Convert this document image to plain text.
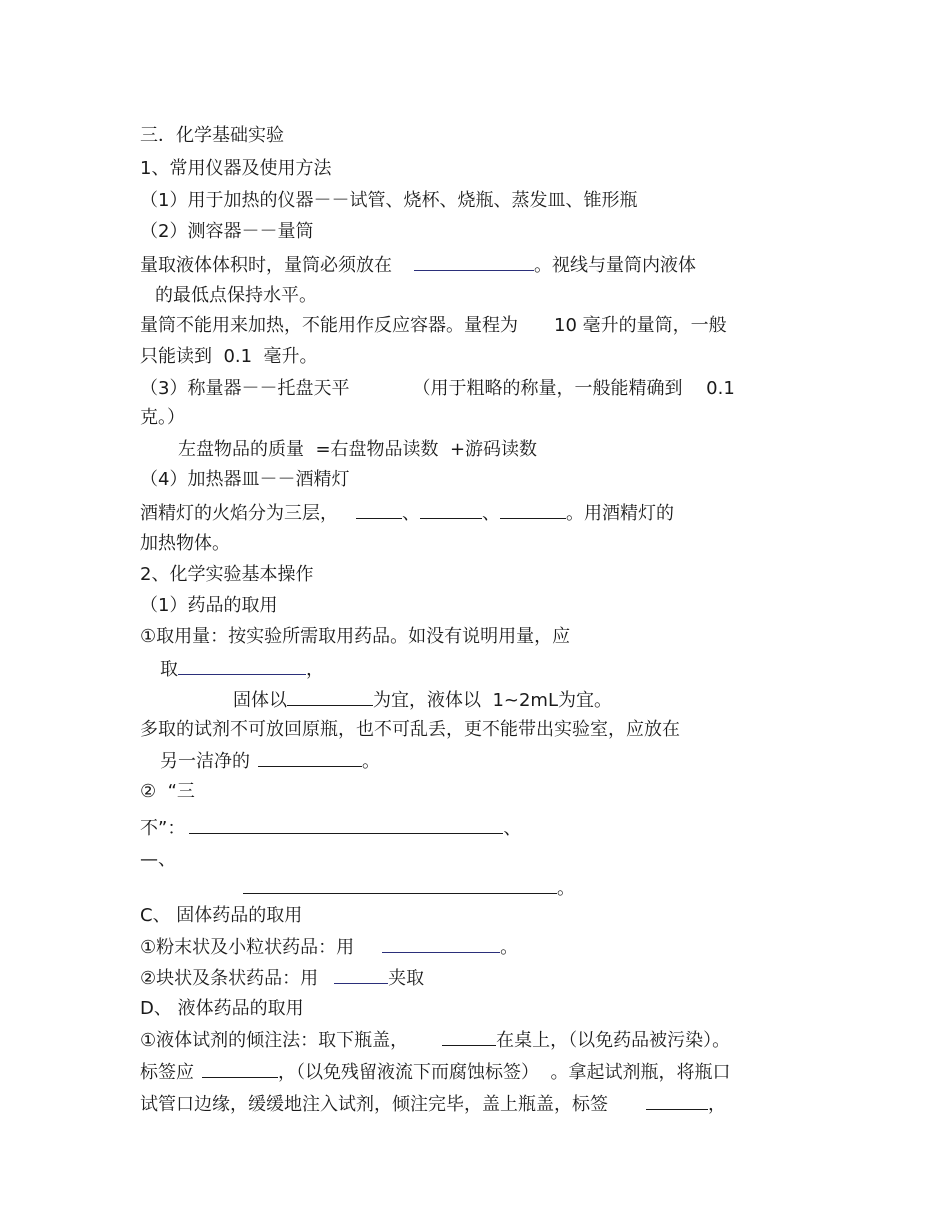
三．化学基础实验
1、常用仪器及使用方法
（1）用于加热的仪器－－试管、烧杯、烧瓶、蒸发皿、锥形瓶
（2）测容器－－量筒
量取液体体积时，量筒必须放在	。视线与量筒内液体
的最低点保持水平。
量筒不能用来加热，不能用作反应容器。量程为　　10 毫升的量筒，一般
只能读到  0.1  毫升。
（3）称量器－－托盘天平　　　　（用于粗略的称量，一般能精确到　 0.1
克。）
左盘物品的质量  =右盘物品读数  +游码读数
（4）加热器皿－－酒精灯
酒精灯的火焰分为三层，	、	、	。用酒精灯的
加热物体。
2、化学实验基本操作
（1）药品的取用
①取用量：按实验所需取用药品。如没有说明用量，应
取	，
固体以	为宜，液体以  1~2mL为宜。
多取的试剂不可放回原瓶，也不可乱丢，更不能带出实验室，应放在
另一洁净的	。
②  “三
不”：	、
—、
。
C、 固体药品的取用
①粉末状及小粒状药品：用	。
②块状及条状药品：用	夹取
D、 液体药品的取用
①液体试剂的倾注法：取下瓶盖，	在桌上，（以免药品被污染）。
标签应	，（以免残留液流下而腐蚀标签）  。拿起试剂瓶，将瓶口
试管口边缘，缓缓地注入试剂，倾注完毕，盖上瓶盖，标签	，
